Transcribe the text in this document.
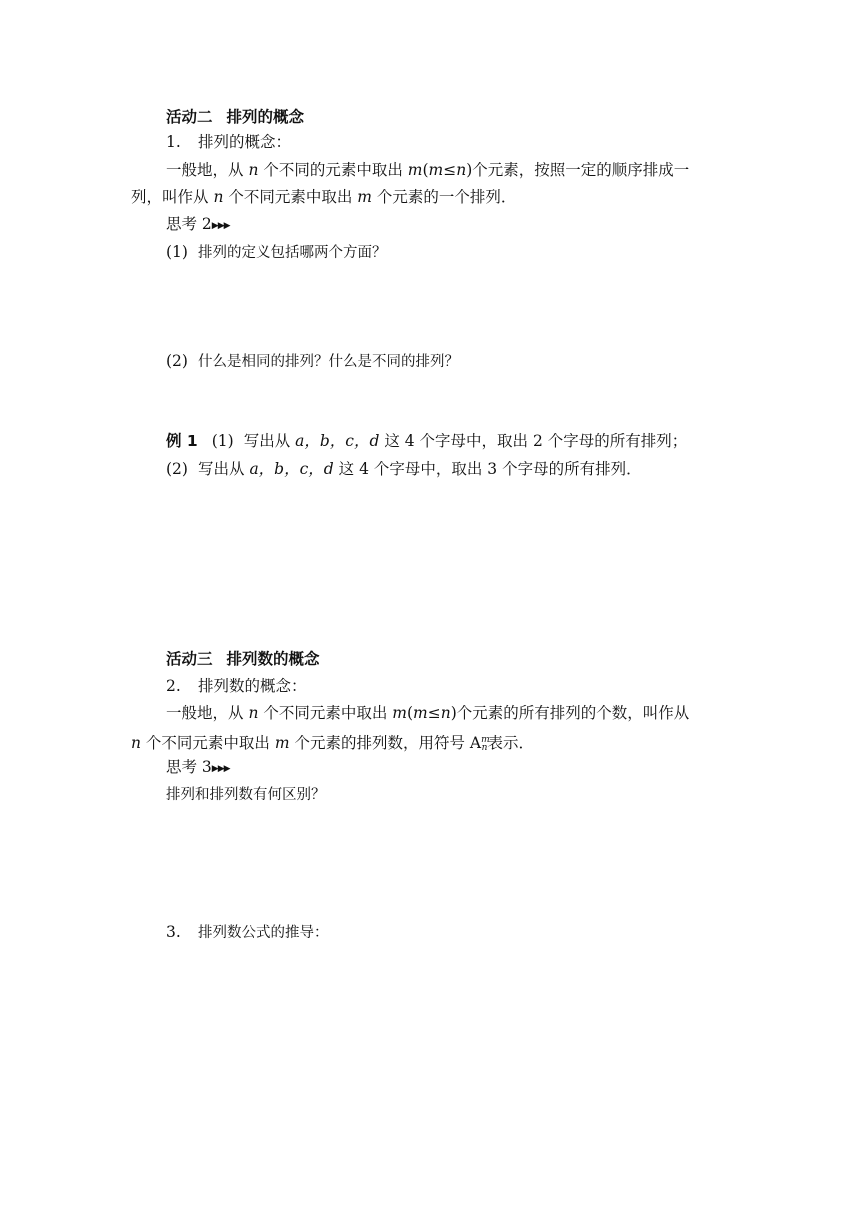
活动二 排列的概念
1. 排列的概念：
一般地，从 n 个不同的元素中取出 m(m≤n)个元素，按照一定的顺序排成一
列，叫作从 n 个不同元素中取出 m 个元素的一个排列．
思考 2▶▶▶
(1) 排列的定义包括哪两个方面？
(2) 什么是相同的排列？什么是不同的排列？
例 1 (1) 写出从 a，b，c，d 这 4 个字母中，取出 2 个字母的所有排列；
(2) 写出从 a，b，c，d 这 4 个字母中，取出 3 个字母的所有排列．
活动三 排列数的概念
2. 排列数的概念：
一般地，从 n 个不同元素中取出 m(m≤n)个元素的所有排列的个数，叫作从
n 个不同元素中取出 m 个元素的排列数，用符号 $A^m_n$表示．
思考 3▶▶▶
排列和排列数有何区别？
3. 排列数公式的推导：
